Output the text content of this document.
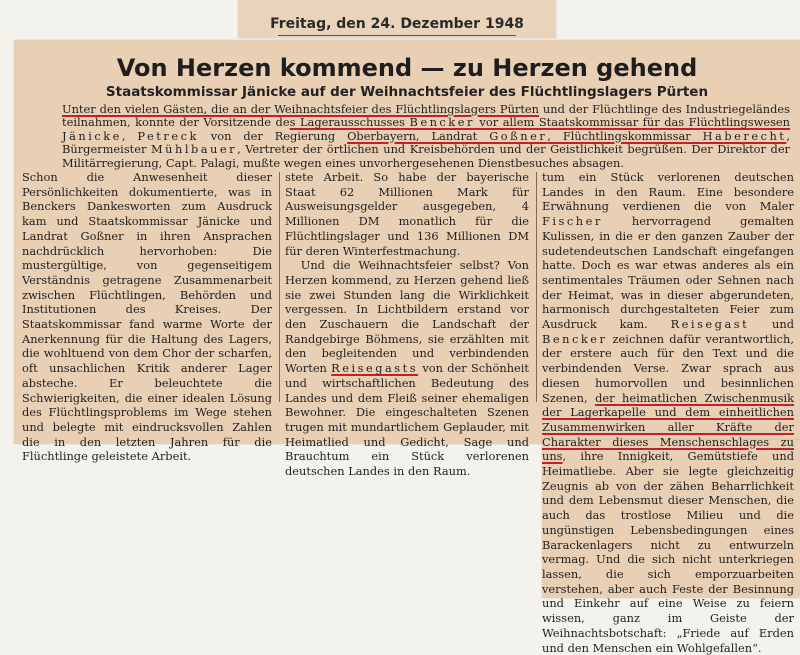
Freitag, den 24. Dezember 1948
Von Herzen kommend — zu Herzen gehend
Staatskommissar Jänicke auf der Weihnachtsfeier des Flüchtlingslagers Pürten
Unter den vielen Gästen, die an der Weihnachtsfeier des Flüchtlingslagers Pürten und der Flüchtlinge des Industriegeländes teilnahmen, konnte der Vorsitzende des Lagerausschusses Bencker vor allem Staatskommissar für das Flüchtlingswesen Jänicke, Petreck von der Regierung Oberbayern, Landrat Goßner, Flüchtlingskommissar Haberecht, Bürgermeister Mühlbauer, Vertreter der örtlichen und Kreisbehörden und der Geistlichkeit begrüßen. Der Direktor der Militärregierung, Capt. Palagi, mußte wegen eines unvorhergesehenen Dienstbesuches absagen.
Schon die Anwesenheit dieser Persönlichkeiten dokumentierte, was in Benckers Dankesworten zum Ausdruck kam und Staatskommissar Jänicke und Landrat Goßner in ihren Ansprachen nachdrücklich hervorhoben: Die mustergültige, von gegenseitigem Verständnis getragene Zusammenarbeit zwischen Flüchtlingen, Behörden und Institutionen des Kreises. Der Staatskommissar fand warme Worte der Anerkennung für die Haltung des Lagers, die wohltuend von dem Chor der scharfen, oft unsachlichen Kritik anderer Lager absteche. Er beleuchtete die Schwierigkeiten, die einer idealen Lösung des Flüchtlingsproblems im Wege stehen und belegte mit eindrucksvollen Zahlen die in den letzten Jahren für die Flüchtlinge geleistete Arbeit.
stete Arbeit. So habe der bayerische Staat 62 Millionen Mark für Ausweisungsgelder ausgegeben, 4 Millionen DM monatlich für die Flüchtlingslager und 136 Millionen DM für deren Winterfestmachung.
Und die Weihnachtsfeier selbst? Von Herzen kommend, zu Herzen gehend ließ sie zwei Stunden lang die Wirklichkeit vergessen. In Lichtbildern erstand vor den Zuschauern die Landschaft der Randgebirge Böhmens, sie erzählten mit den begleitenden und verbindenden Worten Reisegasts von der Schönheit und wirtschaftlichen Bedeutung des Landes und dem Fleiß seiner ehemaligen Bewohner. Die eingeschalteten Szenen trugen mit mundartlichem Geplauder, mit Heimatlied und Gedicht, Sage und Brauchtum ein Stück verlorenen deutschen Landes in den Raum.
tum ein Stück verlorenen deutschen Landes in den Raum. Eine besondere Erwähnung verdienen die von Maler Fischer hervorragend gemalten Kulissen, in die er den ganzen Zauber der sudetendeutschen Landschaft eingefangen hatte. Doch es war etwas anderes als ein sentimentales Träumen oder Sehnen nach der Heimat, was in dieser abgerundeten, harmonisch durchgestalteten Feier zum Ausdruck kam. Reisegast und Bencker zeichnen dafür verantwortlich, der erstere auch für den Text und die verbindenden Verse. Zwar sprach aus diesen humorvollen und besinnlichen Szenen, der heimatlichen Zwischenmusik der Lagerkapelle und dem einheitlichen Zusammenwirken aller Kräfte der Charakter dieses Menschenschlages zu uns, ihre Innigkeit, Gemütstiefe und Heimatliebe. Aber sie legte gleichzeitig Zeugnis ab von der zähen Beharrlichkeit und dem Lebensmut dieser Menschen, die auch das trostlose Milieu und die ungünstigen Lebensbedingungen eines Barackenlagers nicht zu entwurzeln vermag. Und die sich nicht unterkriegen lassen, die sich emporzuarbeiten verstehen, aber auch Feste der Besinnung und Einkehr auf eine Weise zu feiern wissen, ganz im Geiste der Weihnachtsbotschaft: „Friede auf Erden und den Menschen ein Wohlgefallen“.
